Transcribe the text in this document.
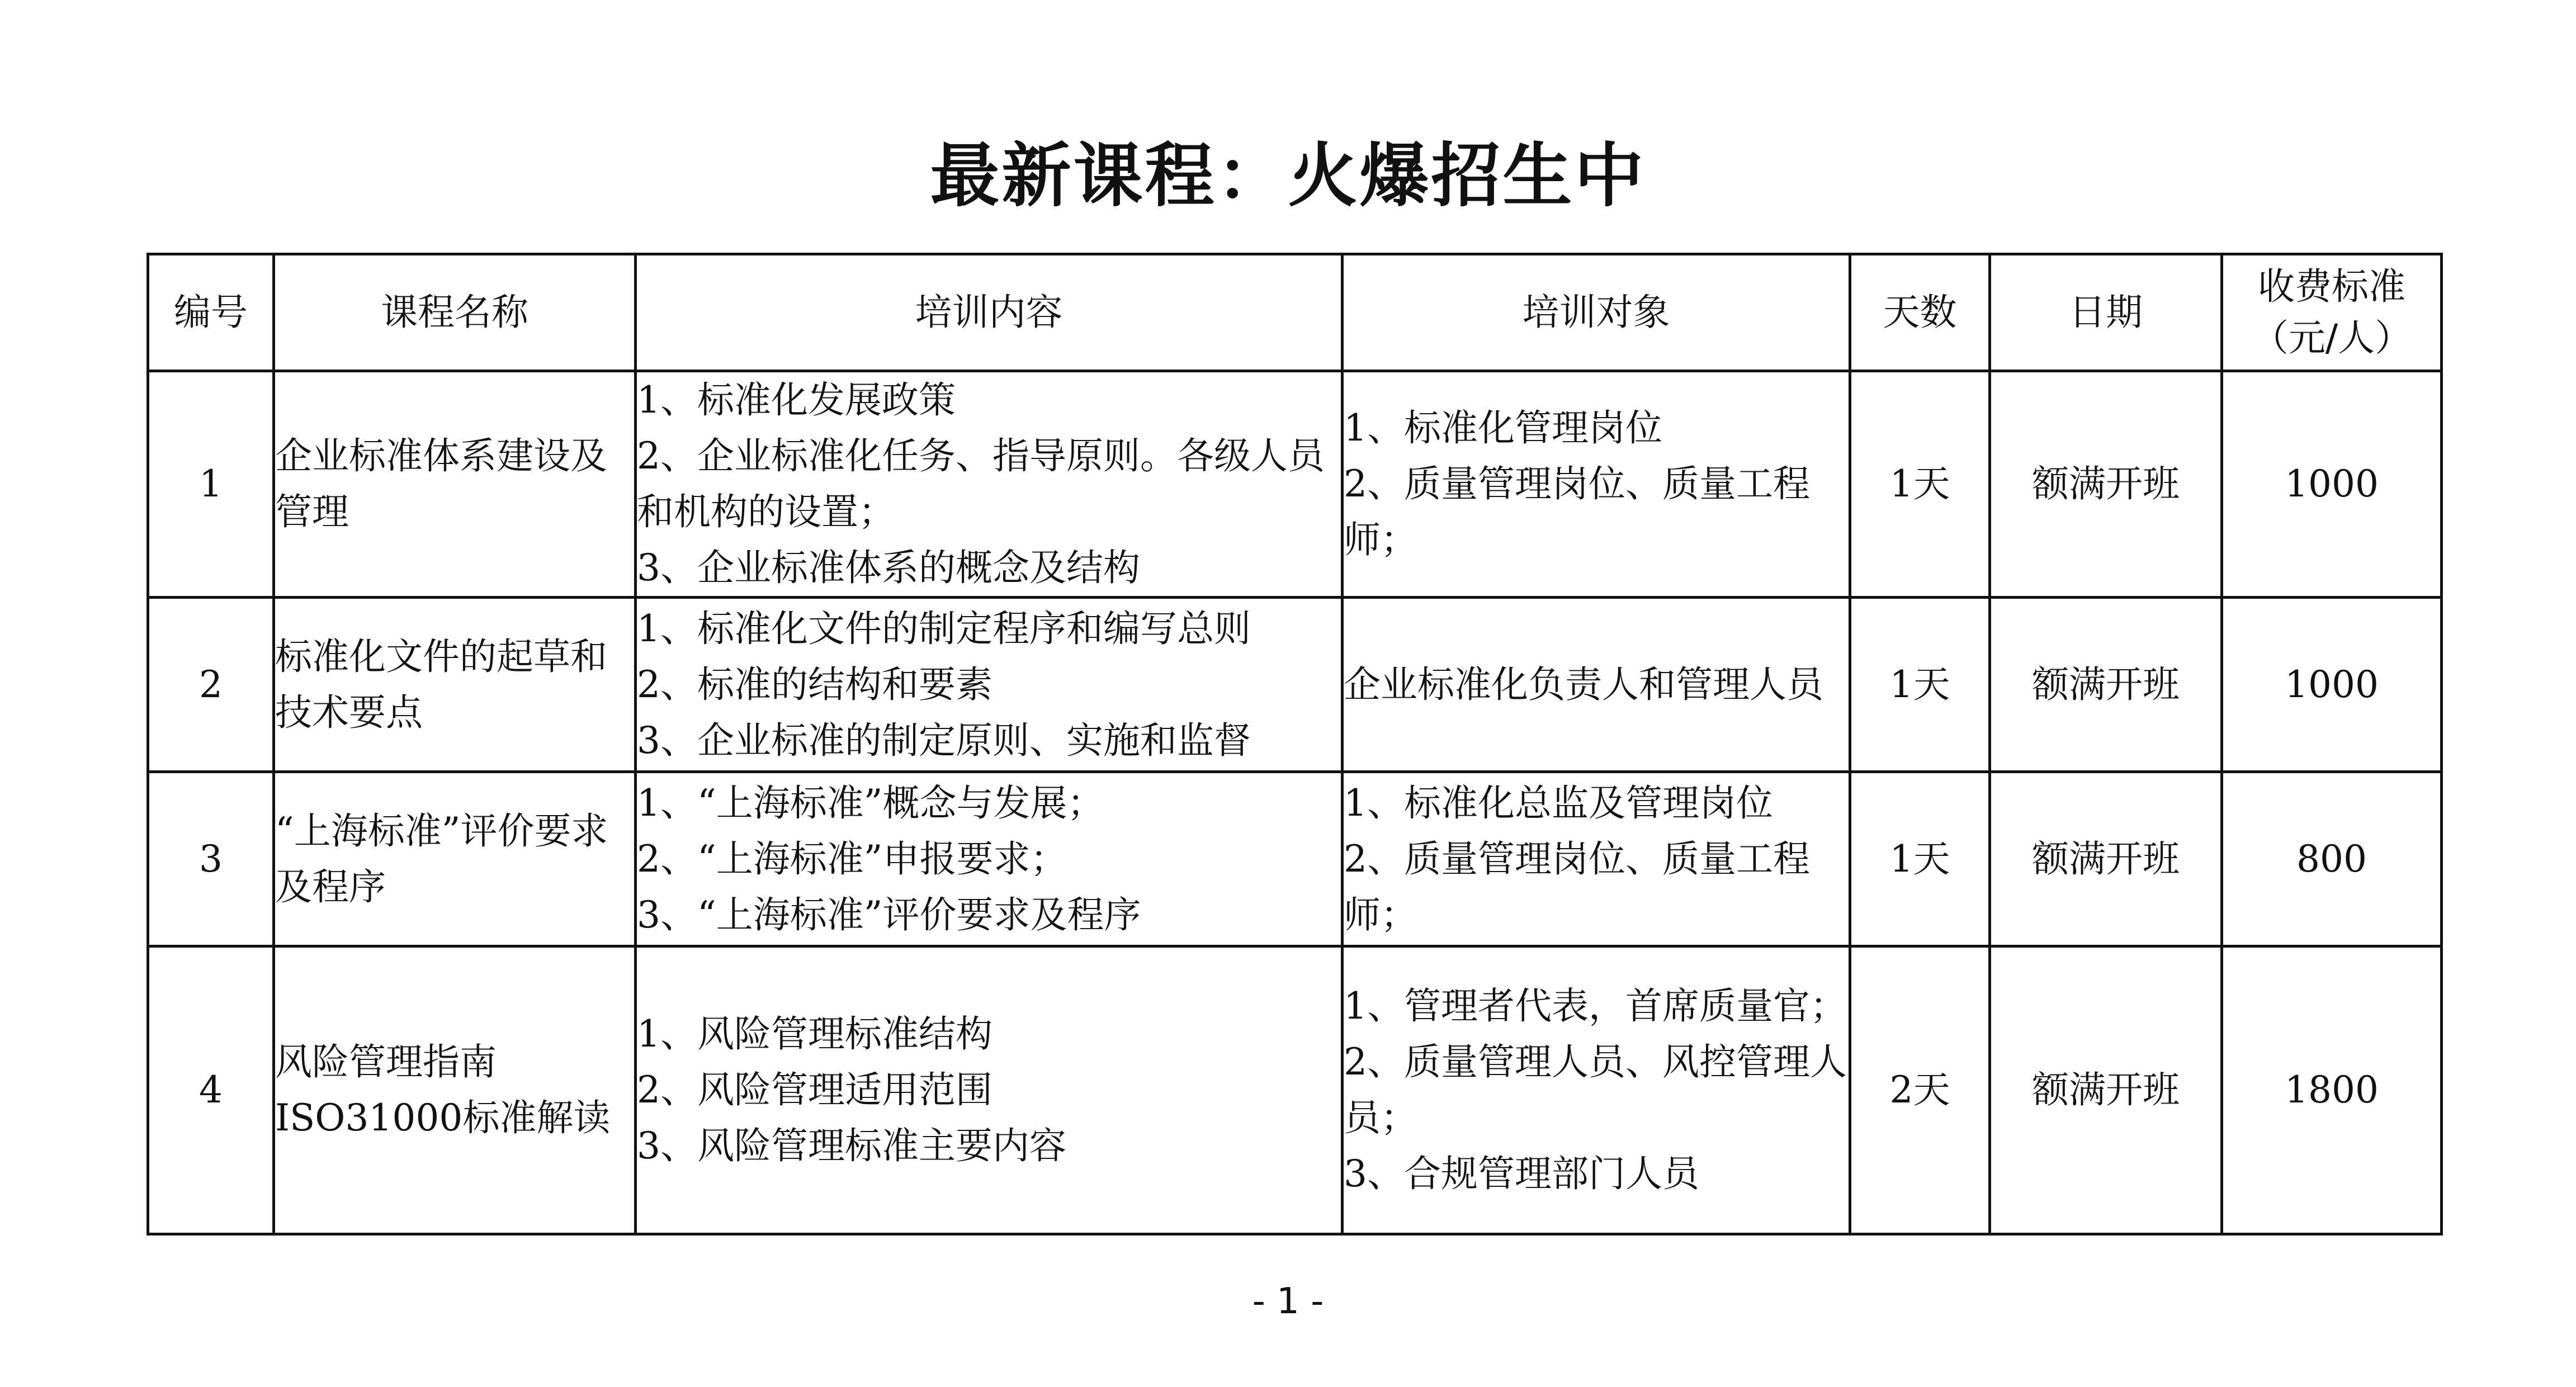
最新课程：火爆招生中
编号	课程名称	培训内容	培训对象	天数	日期	收费标准
（元/人）

1	企业标准体系建设及管理	1、标准化发展政策
2、企业标准化任务、指导原则。各级人员和机构的设置；
3、企业标准体系的概念及结构	1、标准化管理岗位
2、质量管理岗位、质量工程师；	1天	额满开班	1000
2	标准化文件的起草和技术要点	1、标准化文件的制定程序和编写总则
2、标准的结构和要素
3、企业标准的制定原则、实施和监督	企业标准化负责人和管理人员	1天	额满开班	1000
3	“上海标准”评价要求及程序	1、“上海标准”概念与发展；
2、“上海标准”申报要求；
3、“上海标准”评价要求及程序	1、标准化总监及管理岗位
2、质量管理岗位、质量工程师；	1天	额满开班	800
4	风险管理指南ISO31000标准解读	1、风险管理标准结构
2、风险管理适用范围
3、风险管理标准主要内容	1、管理者代表，首席质量官；
2、质量管理人员、风控管理人员；
3、合规管理部门人员	2天	额满开班	1800
- 1 -
